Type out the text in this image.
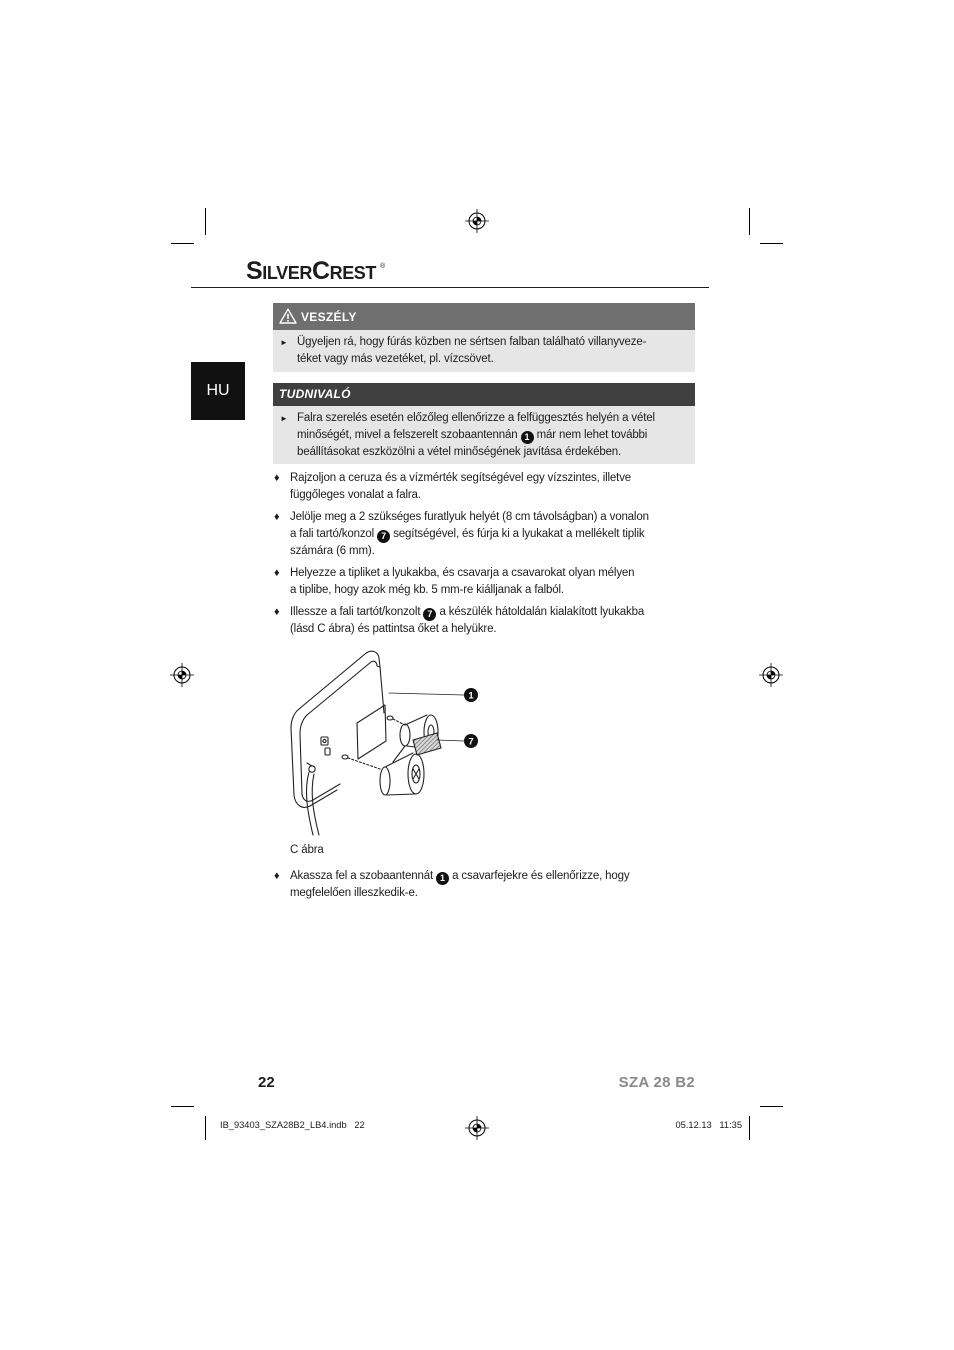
SilverCrest ®
HU
VESZÉLY
► Ügyeljen rá, hogy fúrás közben ne sértsen falban található villanyveze-
téket vagy más vezetéket, pl. vízcsövet.
TUDNIVALÓ
► Falra szerelés esetén előzőleg ellenőrizze a felfüggesztés helyén a vétel
minőségét, mivel a felszerelt szobaantennán 1 már nem lehet további
beállításokat eszközölni a vétel minőségének javítása érdekében.
♦ Rajzoljon a ceruza és a vízmérték segítségével egy vízszintes, illetve
függőleges vonalat a falra.
♦ Jelölje meg a 2 szükséges furatlyuk helyét (8 cm távolságban) a vonalon
a fali tartó/konzol 7 segítségével, és fúrja ki a lyukakat a mellékelt tiplik
számára (6 mm).
♦ Helyezze a tipliket a lyukakba, és csavarja a csavarokat olyan mélyen
a tiplibe, hogy azok még kb. 5 mm-re kiálljanak a falból.
♦ Illessze a fali tartót/konzolt 7 a készülék hátoldalán kialakított lyukakba
(lásd C ábra) és pattintsa őket a helyükre.
1
7
C ábra
♦ Akassza fel a szobaantennát 1 a csavarfejekre és ellenőrizze, hogy
megfelelően illeszkedik-e.
22	SZA 28 B2
IB_93403_SZA28B2_LB4.indb   22	05.12.13   11:35
